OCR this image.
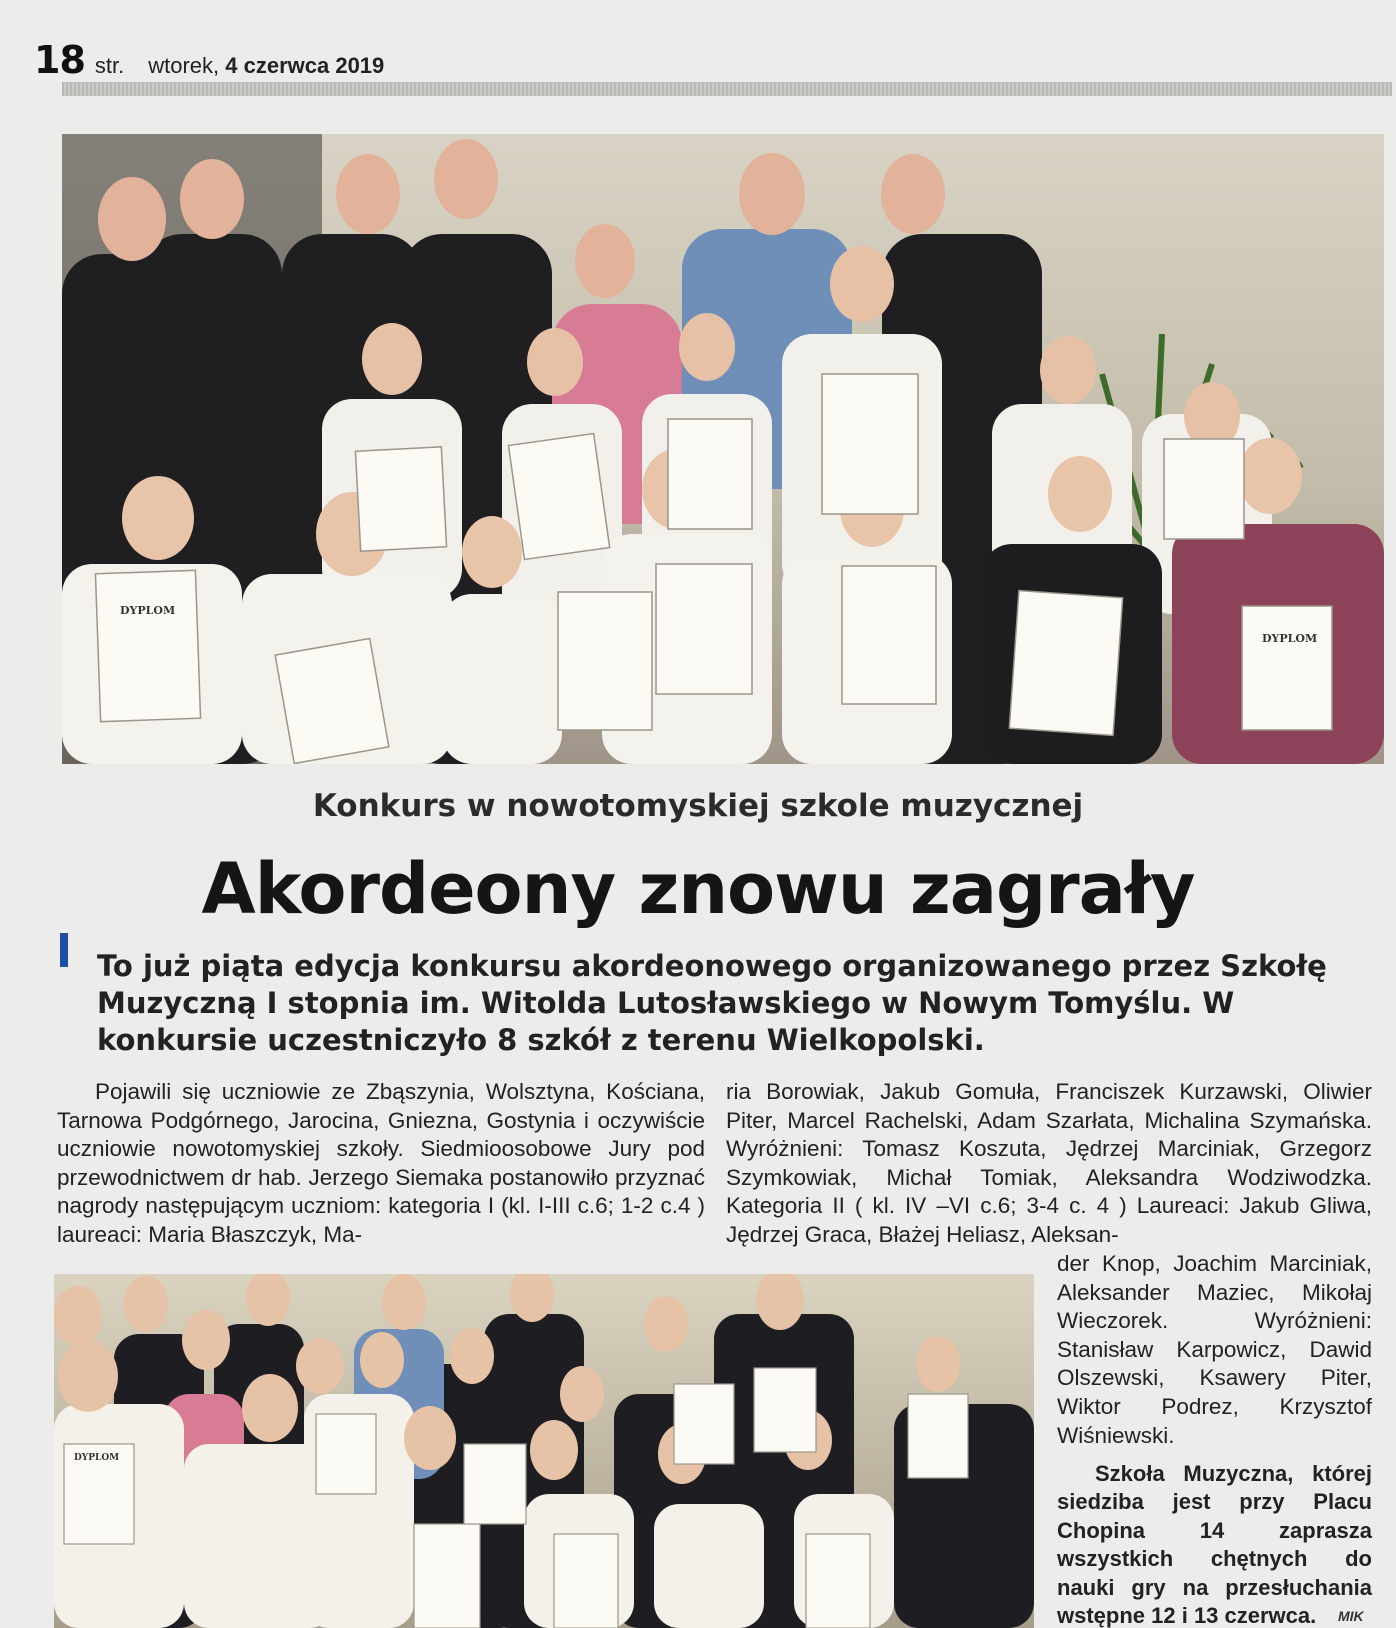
18 str. wtorek, 4 czerwca 2019
DYPLOM
DYPLOM
Konkurs w nowotomyskiej szkole muzycznej
Akordeony znowu zagrały
To już piąta edycja konkursu akordeonowego organizowanego przez Szkołę Muzyczną I stopnia im. Witolda Lutosławskiego w Nowym Tomyślu. W konkursie uczestniczyło 8 szkół z terenu Wielkopolski.
Pojawili się uczniowie ze Zbąszynia, Wolsztyna, Kościana, Tarnowa Podgórnego, Jarocina, Gniezna, Gostynia i oczywiście uczniowie nowotomyskiej szkoły. Siedmioosobowe Jury pod przewodnictwem dr hab. Jerzego Siemaka postanowiło przyznać nagrody następującym uczniom: kategoria I (kl. I-III c.6; 1-2 c.4 ) laureaci: Maria Błaszczyk, Ma-
ria Borowiak, Jakub Gomuła, Franciszek Kurzawski, Oliwier Piter, Marcel Rachelski, Adam Szarłata, Michalina Szymańska. Wyróżnieni: Tomasz Koszuta, Jędrzej Marciniak, Grzegorz Szymkowiak, Michał Tomiak, Aleksandra Wodziwodzka. Kategoria II ( kl. IV –VI c.6; 3-4 c. 4 ) Laureaci: Jakub Gliwa, Jędrzej Graca, Błażej Heliasz, Aleksan-
der Knop, Joachim Marciniak, Aleksander Maziec, Mikołaj Wieczorek. Wyróżnieni: Stanisław Karpowicz, Dawid Olszewski, Ksawery Piter, Wiktor Podrez, Krzysztof Wiśniewski.
Szkoła Muzyczna, której siedziba jest przy Placu Chopina 14 zaprasza wszystkich chętnych do nauki gry na przesłuchania wstępne 12 i 13 czerwca.	MIK
DYPLOM
